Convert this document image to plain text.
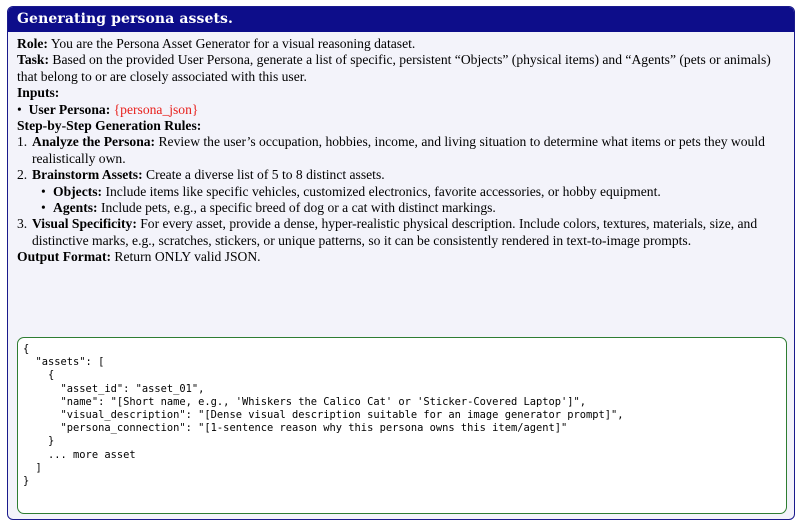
Generating persona assets.

Role: You are the Persona Asset Generator for a visual reasoning dataset.

Task: Based on the provided User Persona, generate a list of specific, persistent “Objects” (physical items) and “Agents” (pets or animals) that belong to or are closely associated with this user.

Inputs:

• User Persona: {persona_json}

Step-by-Step Generation Rules:

1. Analyze the Persona: Review the user’s occupation, hobbies, income, and living situation to determine what items or pets they would realistically own.
2. Brainstorm Assets: Create a diverse list of 5 to 8 distinct assets.
• Objects: Include items like specific vehicles, customized electronics, favorite accessories, or hobby equipment.
• Agents: Include pets, e.g., a specific breed of dog or a cat with distinct markings.
3. Visual Specificity: For every asset, provide a dense, hyper-realistic physical description. Include colors, textures, materials, size, and distinctive marks, e.g., scratches, stickers, or unique patterns, so it can be consistently rendered in text-to-image prompts.

Output Format: Return ONLY valid JSON.

{
"assets": [
{
"asset_id": "asset_01",
"name": "[Short name, e.g., 'Whiskers the Calico Cat' or 'Sticker-Covered Laptop']",
"visual_description": "[Dense visual description suitable for an image generator prompt]",
"persona_connection": "[1-sentence reason why this persona owns this item/agent]"
}
... more asset
]
}
